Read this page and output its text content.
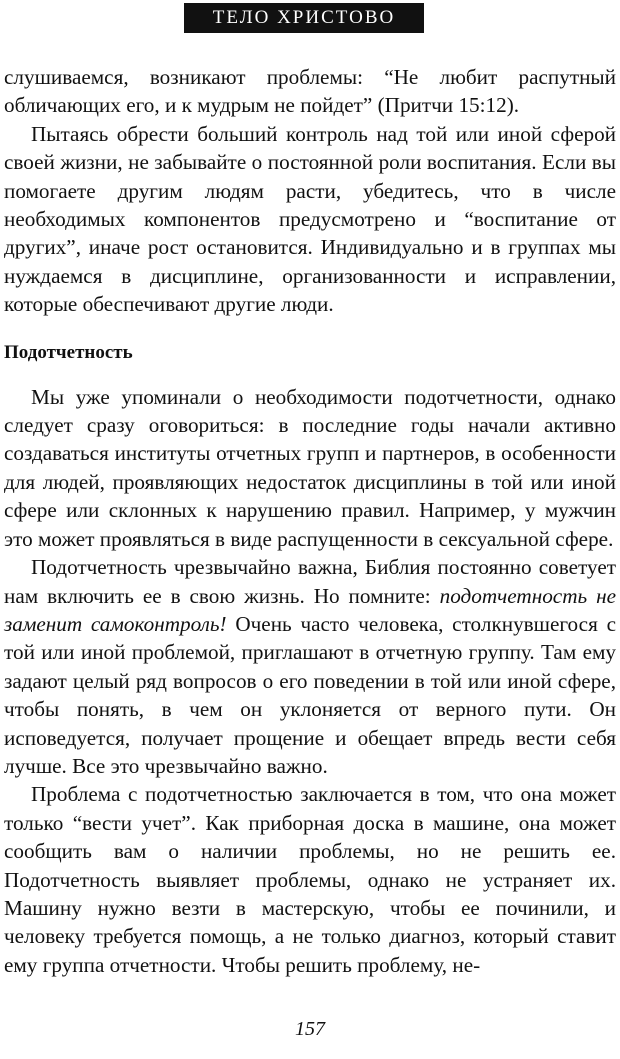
ТЕЛО ХРИСТОВО

слушиваемся, возникают проблемы: “Не любит распутный обличающих его, и к мудрым не пойдет” (Притчи 15:12).

Пытаясь обрести больший контроль над той или иной сферой своей жизни, не забывайте о постоянной роли воспитания. Если вы помогаете другим людям расти, убедитесь, что в числе необходимых компонентов предусмотрено и “воспитание от других”, иначе рост остановится. Индивидуально и в группах мы нуждаемся в дисциплине, организованности и исправлении, которые обеспечивают другие люди.

Подотчетность

Мы уже упоминали о необходимости подотчетности, однако следует сразу оговориться: в последние годы начали активно создаваться институты отчетных групп и партнеров, в особенности для людей, проявляющих недостаток дисциплины в той или иной сфере или склонных к нарушению правил. Например, у мужчин это может проявляться в виде распущенности в сексуальной сфере.

Подотчетность чрезвычайно важна, Библия постоянно советует нам включить ее в свою жизнь. Но помните: подотчетность не заменит самоконтроль! Очень часто человека, столкнувшегося с той или иной проблемой, приглашают в отчетную группу. Там ему задают целый ряд вопросов о его поведении в той или иной сфере, чтобы понять, в чем он уклоняется от верного пути. Он исповедуется, получает прощение и обещает впредь вести себя лучше. Все это чрезвычайно важно.

Проблема с подотчетностью заключается в том, что она может только “вести учет”. Как приборная доска в машине, она может сообщить вам о наличии проблемы, но не решить ее. Подотчетность выявляет проблемы, однако не устраняет их. Машину нужно везти в мастерскую, чтобы ее починили, и человеку требуется помощь, а не только диагноз, который ставит ему группа отчетности. Чтобы решить проблему, не-

157
